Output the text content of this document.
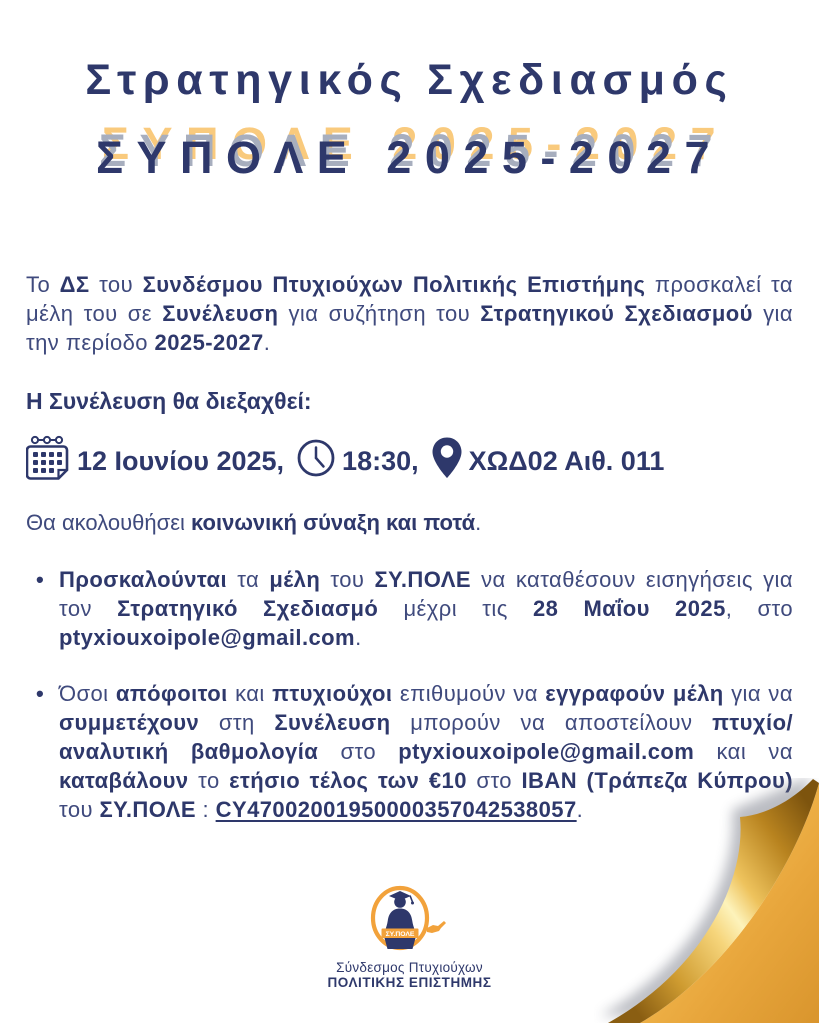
Στρατηγικός Σχεδιασμός
ΣΥΠΟΛΕ 2025-2027

Το ΔΣ του Συνδέσμου Πτυχιούχων Πολιτικής Επιστήμης προσκαλεί τα μέλη του σε Συνέλευση για συζήτηση του Στρατηγικού Σχεδιασμού για την περίοδο 2025-2027.

Η Συνέλευση θα διεξαχθεί:

12 Ιουνίου 2025, 18:30, ΧΩΔ02 Αιθ. 011

Θα ακολουθήσει κοινωνική σύναξη και ποτά.

• Προσκαλούνται τα μέλη του ΣΥ.ΠΟΛΕ να καταθέσουν εισηγήσεις για τον Στρατηγικό Σχεδιασμό μέχρι τις 28 Μαΐου 2025, στο ptyxiouxoipole@gmail.com.
• Όσοι απόφοιτοι και πτυχιούχοι επιθυμούν να εγγραφούν μέλη για να συμμετέχουν στη Συνέλευση μπορούν να αποστείλουν πτυχίο/αναλυτική βαθμολογία στο ptyxiouxoipole@gmail.com και να καταβάλουν το ετήσιο τέλος των €10 στο ΙΒΑΝ (Τράπεζα Κύπρου) του ΣΥ.ΠΟΛΕ : CY47002001950000357042538057.
ΣΥ.ΠΟΛΕ
Σύνδεσμος Πτυχιούχων
ΠΟΛΙΤΙΚΗΣ ΕΠΙΣΤΗΜΗΣ
